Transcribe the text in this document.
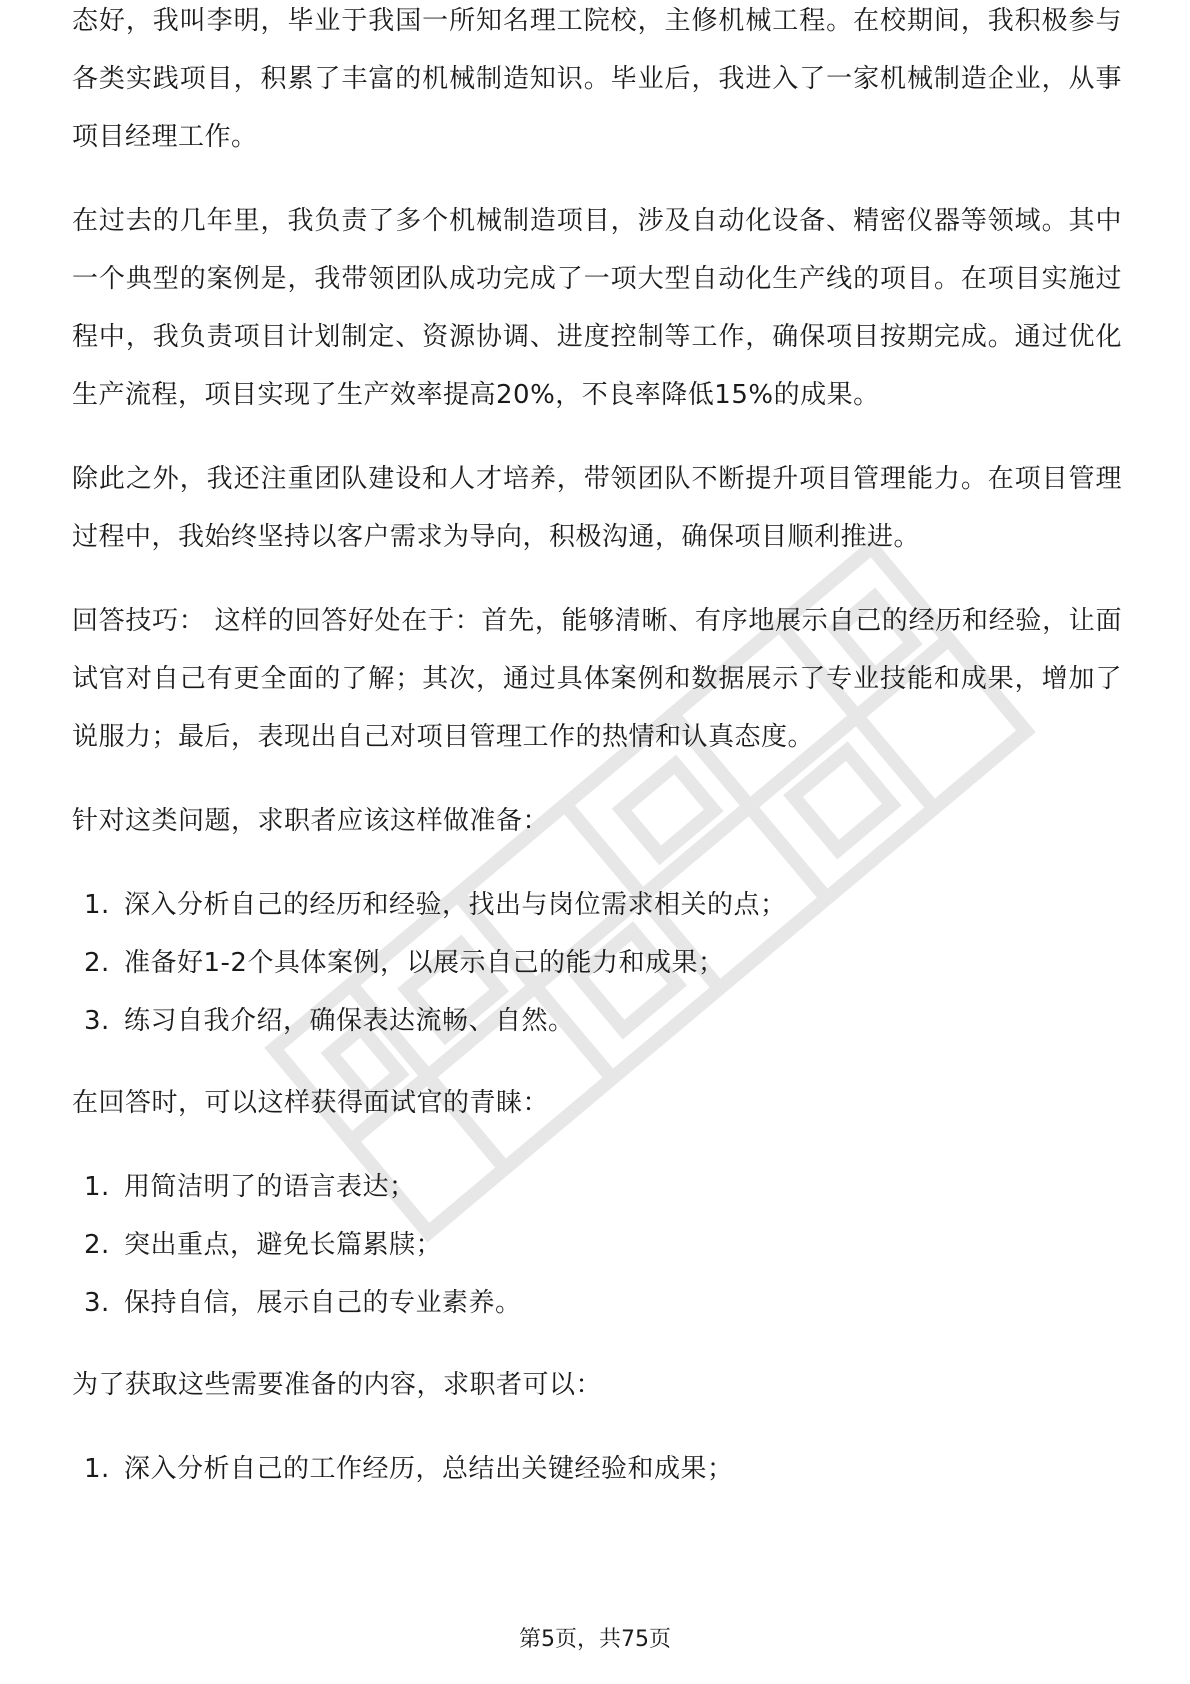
态好，我叫李明，毕业于我国一所知名理工院校，主修机械工程。在校期间，我积极参与各类实践项目，积累了丰富的机械制造知识。毕业后，我进入了一家机械制造企业，从事项目经理工作。

在过去的几年里，我负责了多个机械制造项目，涉及自动化设备、精密仪器等领域。其中一个典型的案例是，我带领团队成功完成了一项大型自动化生产线的项目。在项目实施过程中，我负责项目计划制定、资源协调、进度控制等工作，确保项目按期完成。通过优化生产流程，项目实现了生产效率提高20%，不良率降低15%的成果。

除此之外，我还注重团队建设和人才培养，带领团队不断提升项目管理能力。在项目管理过程中，我始终坚持以客户需求为导向，积极沟通，确保项目顺利推进。

回答技巧： 这样的回答好处在于：首先，能够清晰、有序地展示自己的经历和经验，让面试官对自己有更全面的了解；其次，通过具体案例和数据展示了专业技能和成果，增加了说服力；最后，表现出自己对项目管理工作的热情和认真态度。

针对这类问题，求职者应该这样做准备：

1. 深入分析自己的经历和经验，找出与岗位需求相关的点；
2. 准备好1-2个具体案例，以展示自己的能力和成果；
3. 练习自我介绍，确保表达流畅、自然。

在回答时，可以这样获得面试官的青睐：

1. 用简洁明了的语言表达；
2. 突出重点，避免长篇累牍；
3. 保持自信，展示自己的专业素养。

为了获取这些需要准备的内容，求职者可以：

1. 深入分析自己的工作经历，总结出关键经验和成果；
第5页，共75页
